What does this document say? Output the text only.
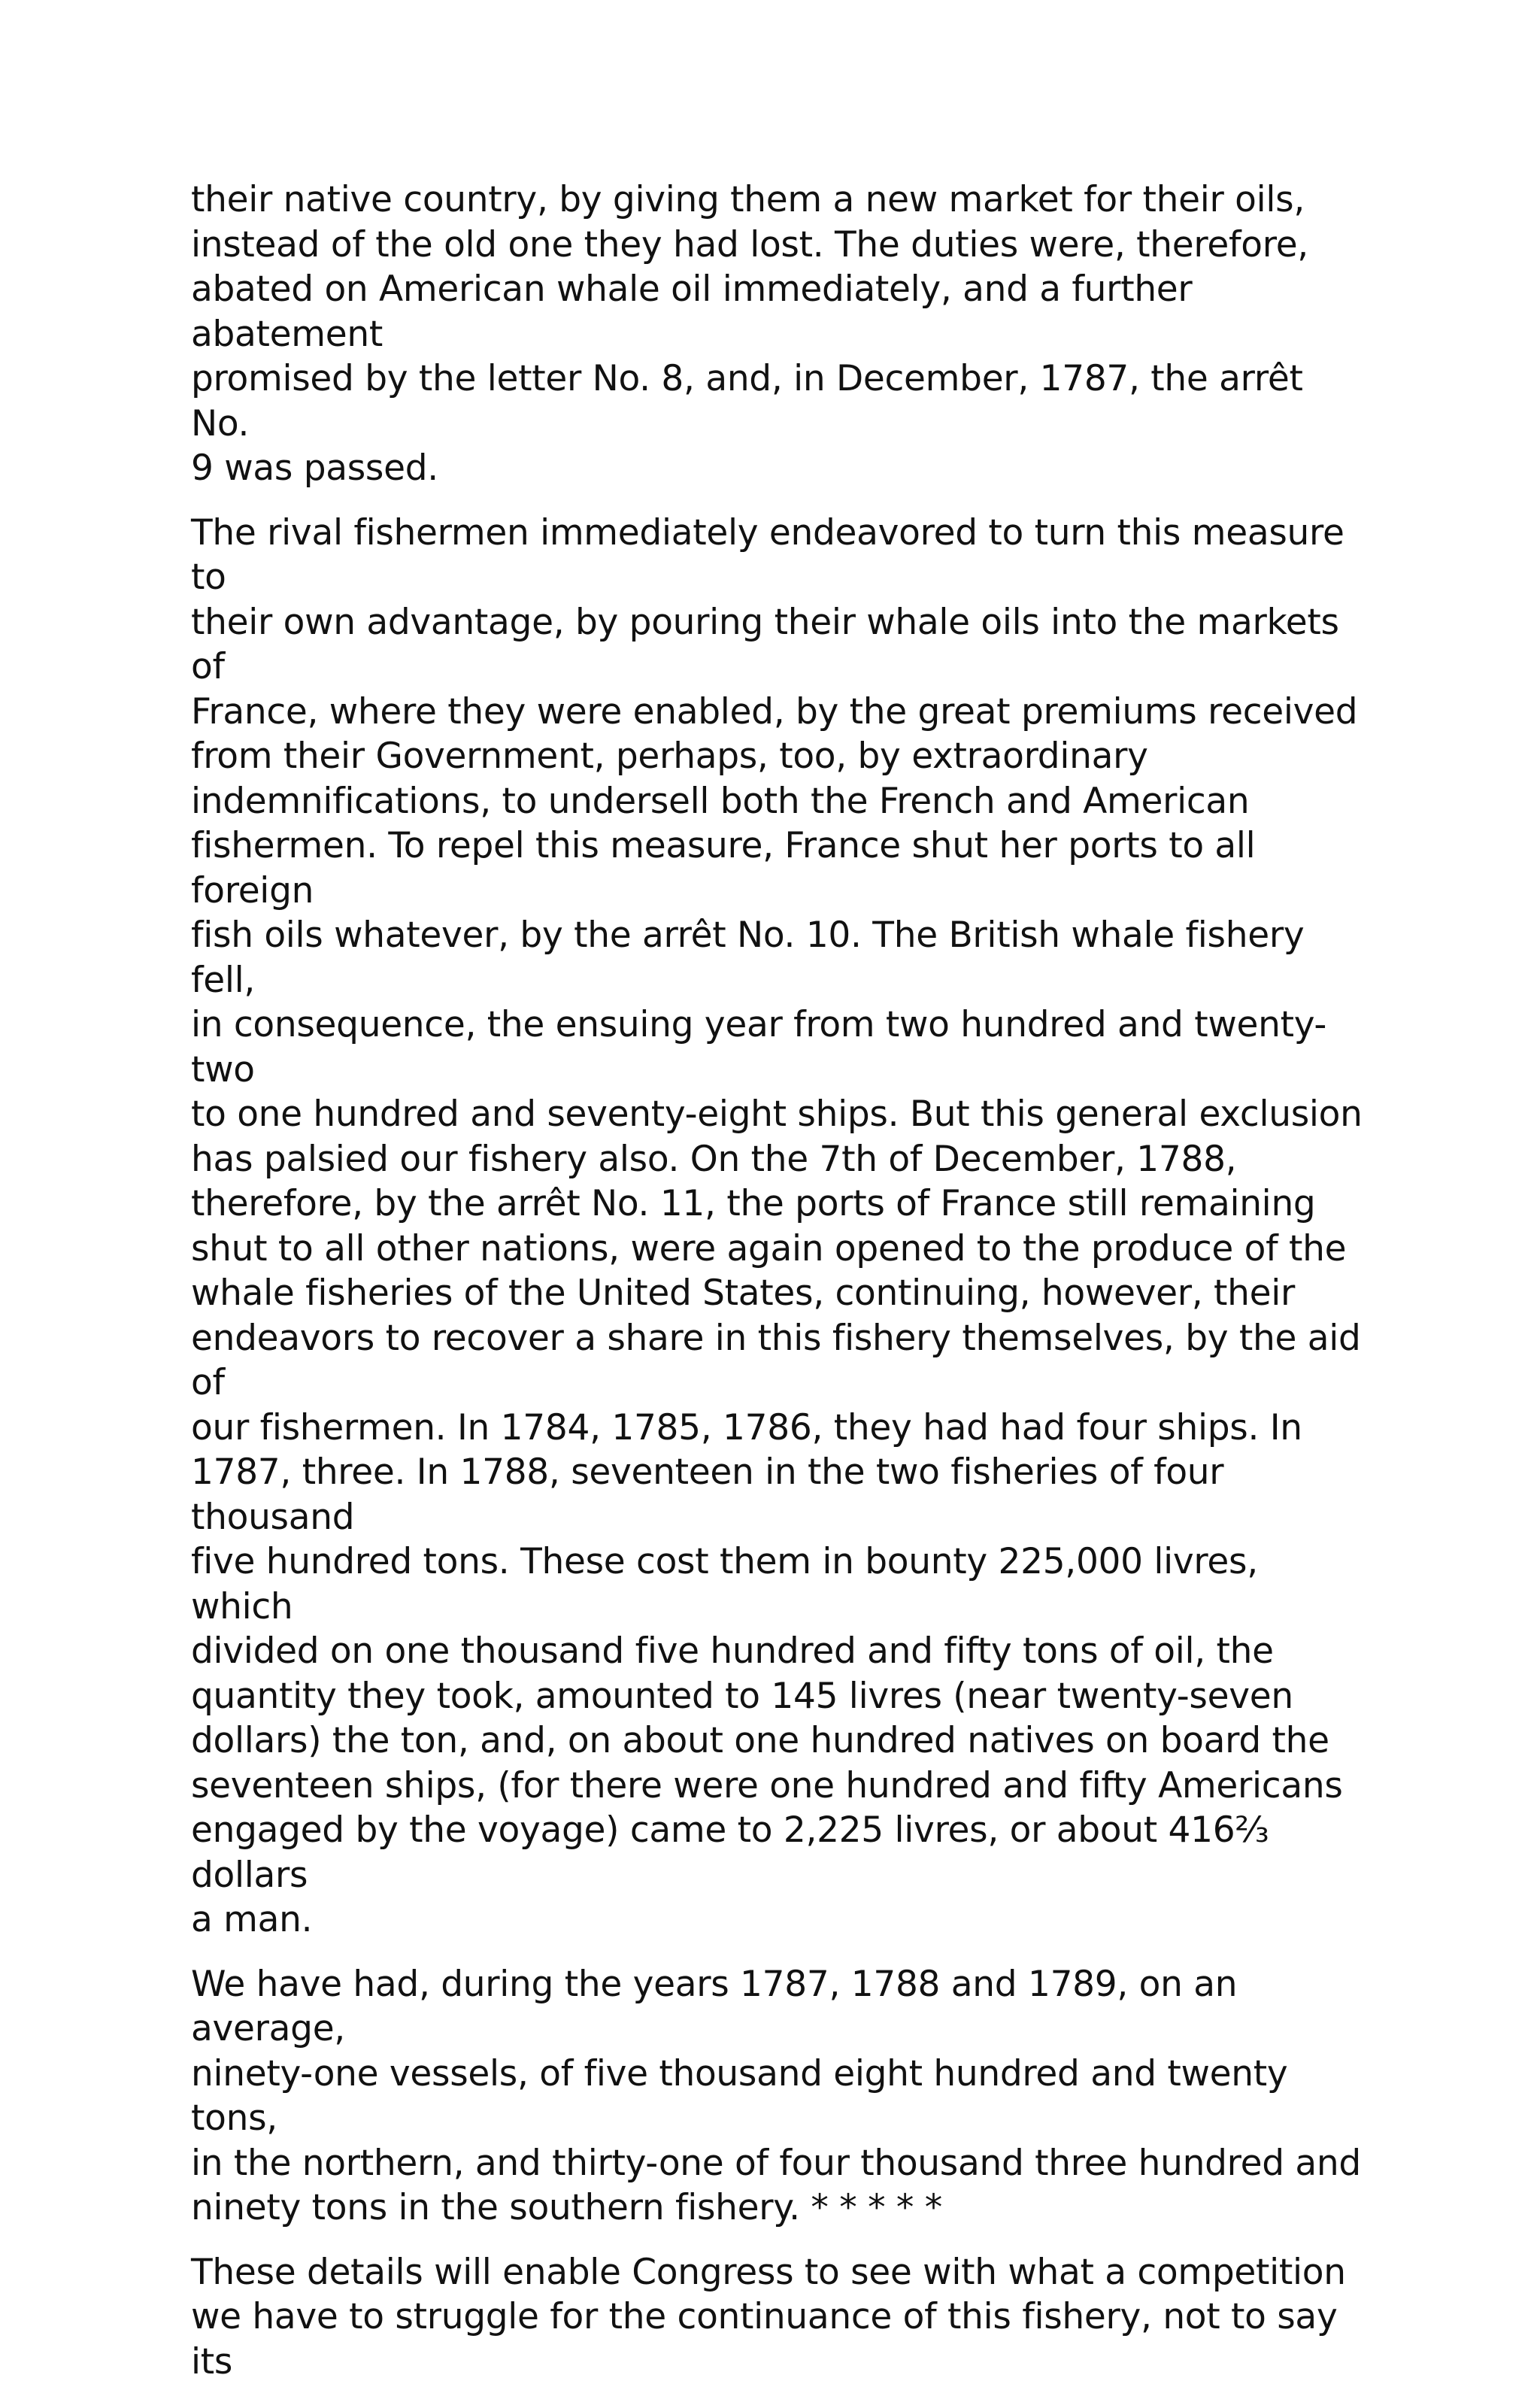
their native country, by giving them a new market for their oils,
instead of the old one they had lost. The duties were, therefore,
abated on American whale oil immediately, and a further abatement
promised by the letter No. 8, and, in December, 1787, the arrêt No.
9 was passed.

The rival fishermen immediately endeavored to turn this measure to
their own advantage, by pouring their whale oils into the markets of
France, where they were enabled, by the great premiums received
from their Government, perhaps, too, by extraordinary
indemnifications, to undersell both the French and American
fishermen. To repel this measure, France shut her ports to all foreign
fish oils whatever, by the arrêt No. 10. The British whale fishery fell,
in consequence, the ensuing year from two hundred and twenty-two
to one hundred and seventy-eight ships. But this general exclusion
has palsied our fishery also. On the 7th of December, 1788,
therefore, by the arrêt No. 11, the ports of France still remaining
shut to all other nations, were again opened to the produce of the
whale fisheries of the United States, continuing, however, their
endeavors to recover a share in this fishery themselves, by the aid of
our fishermen. In 1784, 1785, 1786, they had had four ships. In
1787, three. In 1788, seventeen in the two fisheries of four thousand
five hundred tons. These cost them in bounty 225,000 livres, which
divided on one thousand five hundred and fifty tons of oil, the
quantity they took, amounted to 145 livres (near twenty-seven
dollars) the ton, and, on about one hundred natives on board the
seventeen ships, (for there were one hundred and fifty Americans
engaged by the voyage) came to 2,225 livres, or about 416⅔ dollars
a man.

We have had, during the years 1787, 1788 and 1789, on an average,
ninety-one vessels, of five thousand eight hundred and twenty tons,
in the northern, and thirty-one of four thousand three hundred and
ninety tons in the southern fishery. * * * * *

These details will enable Congress to see with what a competition
we have to struggle for the continuance of this fishery, not to say its
